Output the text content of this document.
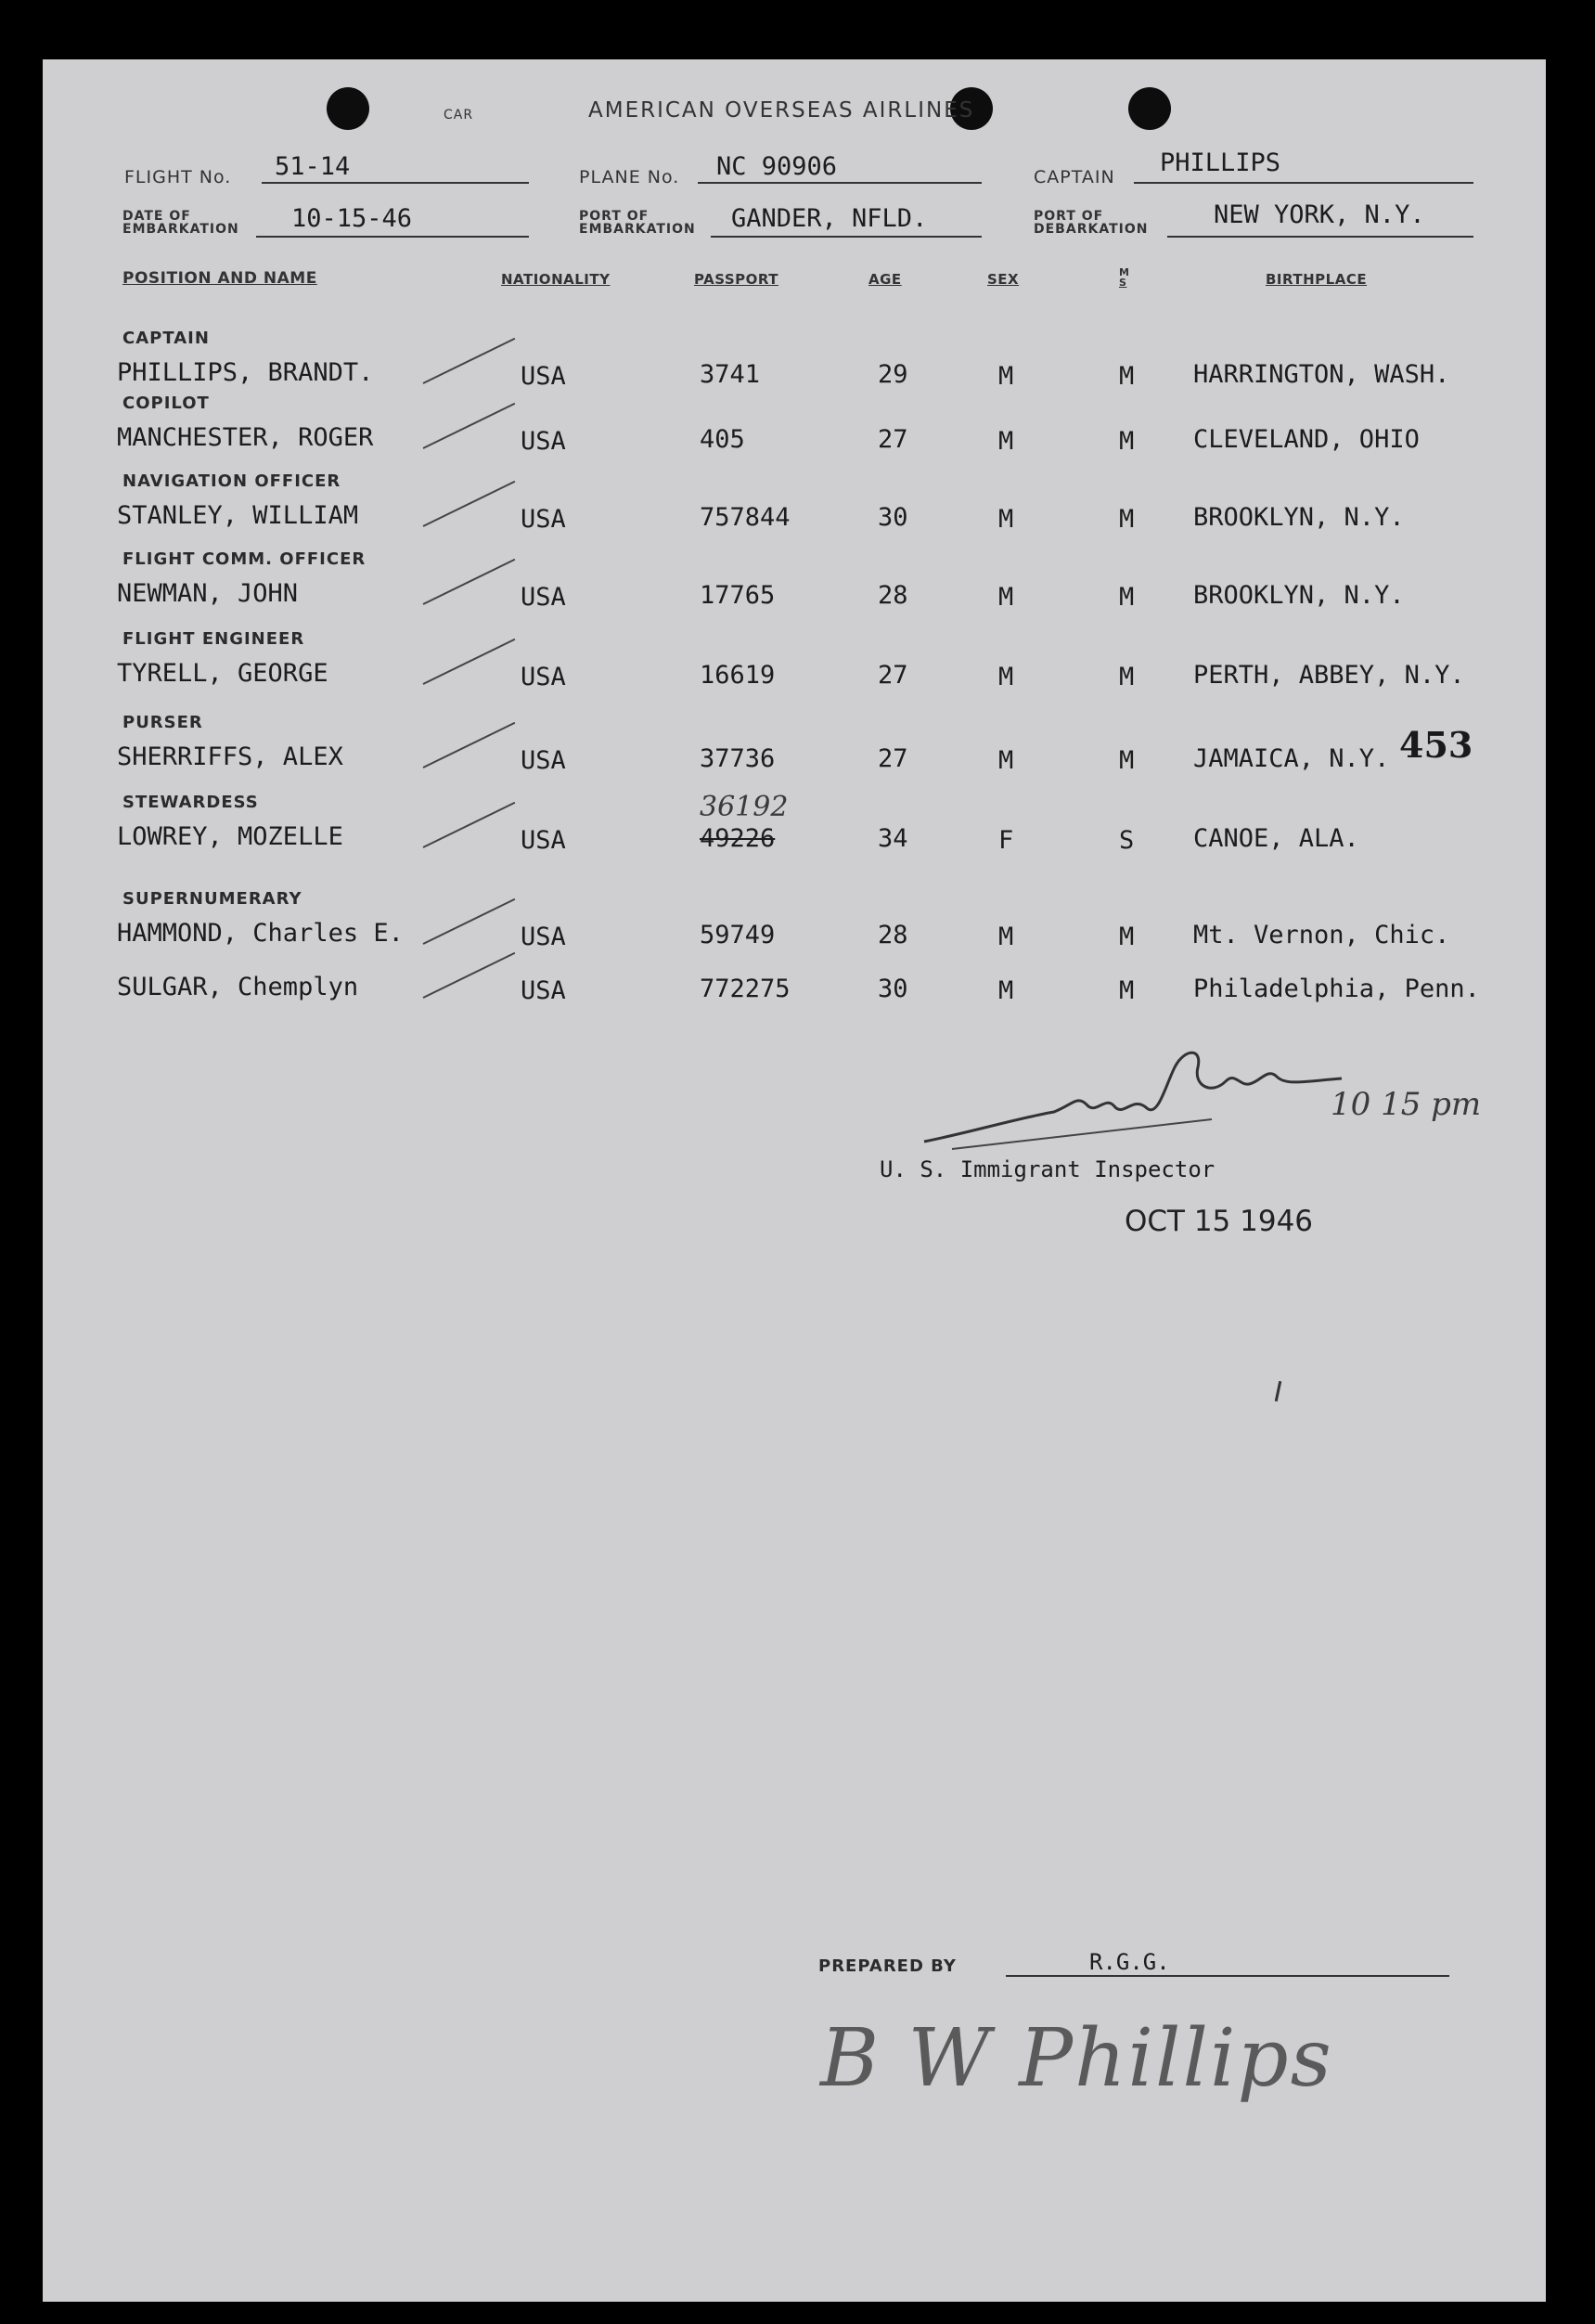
CAR	AMERICAN OVERSEAS AIRLINES
FLIGHT No. 51-14	PLANE No. NC 90906	CAPTAIN PHILLIPS
DATE OF
EMBARKATION 10-15-46	PORT OF
EMBARKATION GANDER, NFLD.	PORT OF
DEBARKATION	NEW YORK, N.Y.
POSITION AND NAME	NATIONALITY	PASSPORT	AGE	SEX	M
S	BIRTHPLACE
CAPTAIN
PHILLIPS, BRANDT.	USA	3741	29	M	M HARRINGTON, WASH.
COPILOT
MANCHESTER, ROGER	USA	405	27	M	M CLEVELAND, OHIO
NAVIGATION OFFICER
STANLEY, WILLIAM	USA	757844	30	M	M BROOKLYN, N.Y.
FLIGHT COMM. OFFICER
NEWMAN, JOHN	USA	17765	28	M	M BROOKLYN, N.Y.
FLIGHT ENGINEER
TYRELL, GEORGE	USA	16619	27	M	M PERTH, ABBEY, N.Y.
PURSER
SHERRIFFS, ALEX	USA	37736	27	M	M JAMAICA, N.Y.
STEWARDESS
LOWREY, MOZELLE	USA	49226	34	F	S CANOE, ALA.
SUPERNUMERARY
HAMMOND, Charles E.	USA	59749	28	M	M Mt. Vernon, Chic.
SULGAR, Chemplyn	USA	772275	30	M	M Philadelphia, Penn.
36192
453
10 15 pm
U. S. Immigrant Inspector
OCT 15 1946
PREPARED BY	R.G.G.
B W Phillips
